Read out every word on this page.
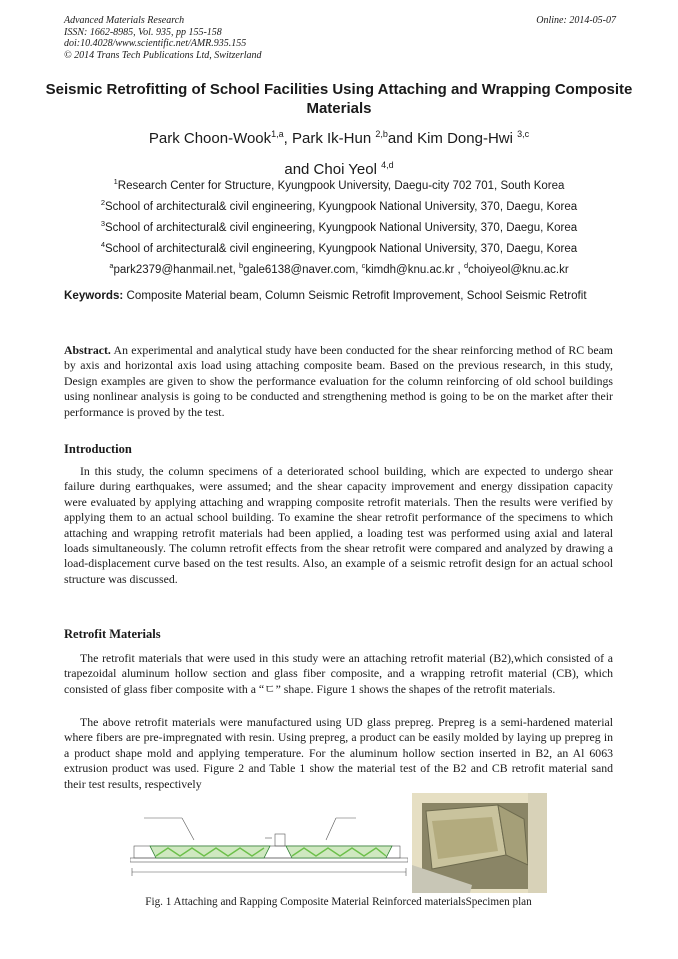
Advanced Materials Research
ISSN: 1662-8985, Vol. 935, pp 155-158
doi:10.4028/www.scientific.net/AMR.935.155
© 2014 Trans Tech Publications Ltd, Switzerland
Online: 2014-05-07
Seismic Retrofitting of School Facilities Using Attaching and Wrapping Composite Materials
Park Choon-Wook$^{1,a}$, Park Ik-Hun $^{2,b}$and Kim Dong-Hwi $^{3,c}$
and Choi Yeol $^{4,d}$
$^1$Research Center for Structure, Kyungpook University, Daegu-city 702 701, South Korea
$^2$School of architectural& civil engineering, Kyungpook National University, 370, Daegu, Korea
$^3$School of architectural& civil engineering, Kyungpook National University, 370, Daegu, Korea
$^4$School of architectural& civil engineering, Kyungpook National University, 370, Daegu, Korea
$^a$park2379@hanmail.net, $^b$gale6138@naver.com, $^c$kimdh@knu.ac.kr , $^d$choiyeol@knu.ac.kr
Keywords: Composite Material beam, Column Seismic Retrofit Improvement, School Seismic Retrofit

Abstract. An experimental and analytical study have been conducted for the shear reinforcing method of RC beam by axis and horizontal axis load using attaching composite beam. Based on the previous research, in this study, Design examples are given to show the performance evaluation for the column reinforcing of old school buildings using nonlinear analysis is going to be conducted and strengthening method is going to be on the market after their performance is proved by the test.

Introduction

In this study, the column specimens of a deteriorated school building, which are expected to undergo shear failure during earthquakes, were assumed; and the shear capacity improvement and energy dissipation capacity were evaluated by applying attaching and wrapping composite retrofit materials. Then the results were verified by applying them to an actual school building. To examine the shear retrofit performance of the specimens to which attaching and wrapping retrofit materials had been applied, a loading test was performed using axial and lateral loads simultaneously. The column retrofit effects from the shear retrofit were compared and analyzed by drawing a load-displacement curve based on the test results. Also, an example of a seismic retrofit design for an actual school structure was discussed.

Retrofit Materials

The retrofit materials that were used in this study were an attaching retrofit material (B2),which consisted of a trapezoidal aluminum hollow section and glass fiber composite, and a wrapping retrofit material (CB), which consisted of glass fiber composite with a “ㄷ” shape. Figure 1 shows the shapes of the retrofit materials.

The above retrofit materials were manufactured using UD glass prepreg. Prepreg is a semi-hardened material where fibers are pre-impregnated with resin. Using prepreg, a product can be easily molded by laying up prepreg in a product shape mold and applying temperature. For the aluminum hollow section inserted in B2, an Al 6063 extrusion product was used. Figure 2 and Table 1 show the material test of the B2 and CB retrofit material sand their test results, respectively

Fig. 1 Attaching and Rapping Composite Material Reinforced materialsSpecimen plan
